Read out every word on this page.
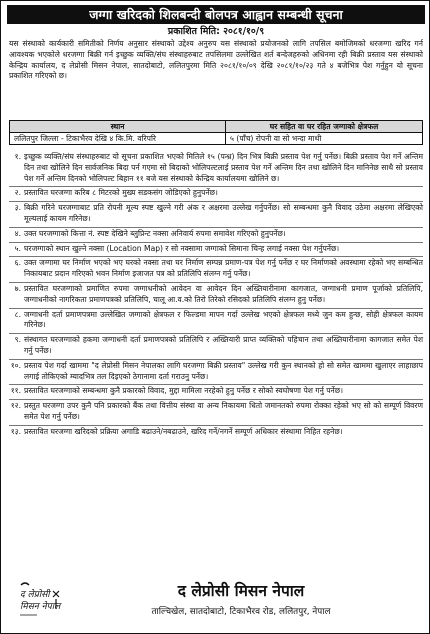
जग्गा खरिदको शिलबन्दी बोलपत्र आह्वान सम्बन्धी सूचना
प्रकाशित मिति: २०८१/१०/९

यस संस्थाको कार्यकारी समितीको निर्णय अनुसार संस्थाको उद्देश्य अनुरुप यस संस्थाको प्रयोजनको लागि तपसिल बमोजिमको धरजग्गा खरिद गर्न आवश्यक भएकोले धरजग्गा बिक्री गर्न इच्छुक व्यक्ति/संघ संस्थाहरुबाट तपसिलमा उल्लेखित शर्त बन्देजहरुको अधिनमा रही बिक्री प्रस्ताव यस संस्थाको केन्द्रिय कार्यालय, द लेप्रोसी मिसन नेपाल, सातदोबाटो, ललितपुरमा मिति २०८१/१०/०९ देखि २०८१/१०/२३ गते ४ बजेभित्र पेश गर्नुहुन यो सूचना प्रकाशित गरिएको छ।

स्थान	घर सहित वा घर रहित जग्गाको क्षेत्रफल
ललितपुर जिल्ला - टिकाभैरव देखि ४ कि.मि. वरिपरि	५ (पाँच) रोपनी वा सो भन्दा माथी
१. इच्छुक व्यक्ति/संघ संस्थाहरुबाट यो सूचना प्रकाशित भएको मितिले १५ (पन्ध्र) दिन भित्र बिक्री प्रस्ताव पेश गर्नु पर्नेछ। बिक्री प्रस्ताव पेश गर्ने अन्तिम दिन तथा खोलिने दिन सार्वजनिक बिदा पर्न गएमा सो बिदाको भोलिपल्टलाई प्रस्ताव पेश गर्ने अन्तिम दिन तथा खोलिने दिन मानिनेछ साथै सो प्रस्ताव पेश गर्ने अन्तिम दिनको भोलिपल्ट बिहान ११ बजे यस संस्थाको केन्द्रिय कार्यालयमा खोलिने छ।
२. प्रस्तावित घरजग्गा करिब ८ मिटरको मुख्य सडकसंग जोडिएको हुनुपर्नेछ।
३. बिक्री गरिने घरजग्गाबाट प्रति रोपनी मूल्य स्पष्ट खुल्ने गरी अंक र अक्षरमा उल्लेख गर्नुपर्नेछ। सो सम्बन्धमा कुनै विवाद उठेमा अक्षरमा लेखिएको मूल्यलाई कायम गरिनेछ।
४. उक्त घरजग्गाको कित्ता नं. स्पष्ट देखिने ब्लुप्रिन्ट नक्सा अनिवार्य रुपमा समावेश गरिएको हुनुपर्नेछ।
५. घरजग्गाको स्थान खुल्ने नक्सा (Location Map) र सो नक्सामा जग्गाको सिमाना चिन्ह लगाई नक्सा पेश गर्नुपर्नेछ।
६. उक्त जग्गामा घर निर्माण भएको भए घरको नक्सा तथा घर निर्माण सम्पन्न प्रमाण-पत्र पेश गर्नु पर्नेछ र घर निर्माणको अवस्थामा रहेको भए सम्बन्धित निकायबाट प्रदान गरिएको भवन निर्माण इजाजत पत्र को प्रतिलिपि संलग्न गर्नु पर्नेछ।
७. प्रस्तावित घरजग्गाको प्रमाणित रुपमा जग्गाधनीको आवेदन वा आवेदन दिन अख्तियारीनामा कागजात, जग्गाधनी प्रमाण पूर्जाको प्रतिलिपि, जग्गाधनीको नागरिकता प्रमाणपत्रको प्रतिलिपि, चालू आ.व.को तिरो तिरेको रसिदको प्रतिलिपि संलग्न हुनु पर्नेछ।
८. जग्गाधनी दर्ता प्रमाणपत्रमा उल्लेखित जग्गाको क्षेत्रफल र फिल्डमा मापन गर्दा उल्लेख भएको क्षेत्रफल मध्ये जुन कम हुन्छ, सोही क्षेत्रफल कायम गरिनेछ।
९. संस्थागत घरजग्गाको हकमा जग्गाधनी दर्ता प्रमाणपत्रको प्रतिलिपि र अख्तियारी प्राप्त व्यक्तिको पहिचान तथा अख्तियारीनामा कागजात समेत पेश गर्नु पर्नेछ।
१०. प्रस्ताव पेश गर्दा खाममा "द लेप्रोसी मिसन नेपालका लागि घरजग्गा बिक्री प्रस्ताव" उल्लेख गरी कुन स्थानको हो सो समेत खाममा खुलाएर लाहाछाप लगाई तोकिएको म्यादभित्र तल दिइएको ठेगानामा दर्ता गराउनु पर्नेछ।
११. प्रस्तावित घरजग्गाको सम्बन्धमा कुनै प्रकारको विवाद, मुद्दा मामिला नरहेको हुनु पर्नेछ र सोको स्वघोषणा पेश गर्नु पर्नेछ।
१२. प्रस्तुत घरजग्गा उपर कुनै पनि प्रकारको बैंक तथा वित्तीय संस्था वा अन्य निकायमा धितो जमानतको रुपमा रोक्का रहेको भए सो को सम्पूर्ण विवरण समेत पेश गर्नु पर्नेछ।
१३. प्रस्तावित घरजग्गा खरिदको प्रक्रिया अगाडि बढाउने/नबढाउने, खरिद गर्ने/नगर्ने सम्पूर्ण अधिकार संस्थामा निहित रहनेछ।
द लेप्रोसी
मिसन नेपाल
द लेप्रोसी मिसन नेपाल
ताल्चिखेल, सातदोबाटो, टिकाभैरव रोड, ललितपुर, नेपाल
